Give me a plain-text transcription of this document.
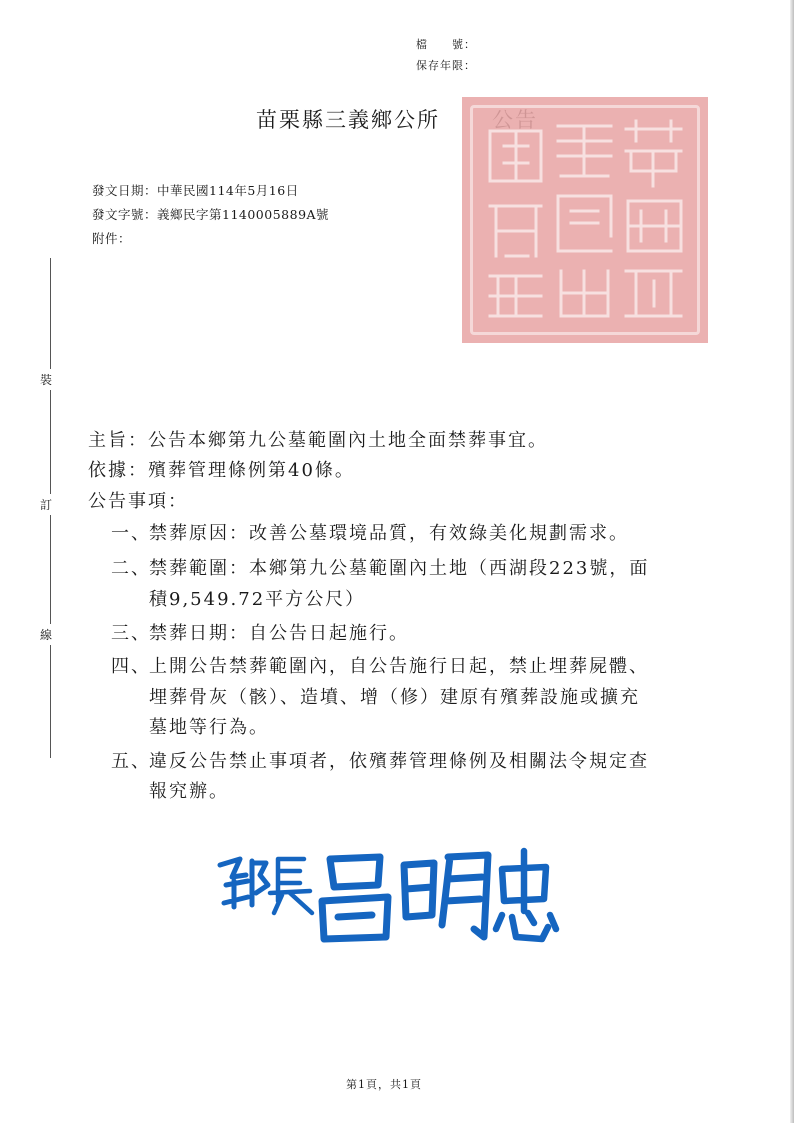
檔　　號：
保存年限：
苗栗縣三義鄉公所
發文日期：中華民國114年5月16日
發文字號：義鄉民字第1140005889A號
附件：
裝
訂
線
主旨：公告本鄉第九公墓範圍內土地全面禁葬事宜。
依據：殯葬管理條例第40條。
公告事項：
一、
禁葬原因：改善公墓環境品質，有效綠美化規劃需求。
二、
禁葬範圍：本鄉第九公墓範圍內土地（西湖段223號，面
積9,549.72平方公尺）
三、
禁葬日期：自公告日起施行。
四、
上開公告禁葬範圍內，自公告施行日起，禁止埋葬屍體、
埋葬骨灰（骸）、造墳、增（修）建原有殯葬設施或擴充
墓地等行為。
五、
違反公告禁止事項者，依殯葬管理條例及相關法令規定查
報究辦。
第1頁，共1頁
